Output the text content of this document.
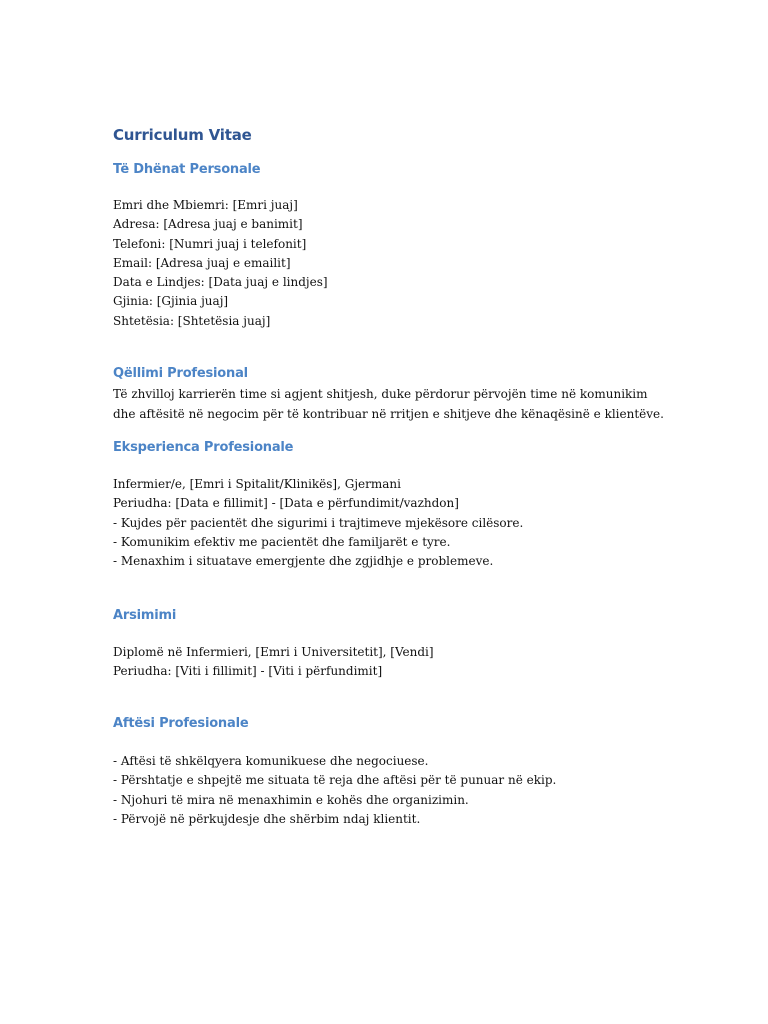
Curriculum Vitae
Të Dhënat Personale

Emri dhe Mbiemri: [Emri juaj]

Adresa: [Adresa juaj e banimit]

Telefoni: [Numri juaj i telefonit]

Email: [Adresa juaj e emailit]

Data e Lindjes: [Data juaj e lindjes]

Gjinia: [Gjinia juaj]

Shtetësia: [Shtetësia juaj]

Qëllimi Profesional

Të zhvilloj karrierën time si agjent shitjesh, duke përdorur përvojën time në komunikim

dhe aftësitë në negocim për të kontribuar në rritjen e shitjeve dhe kënaqësinë e klientëve.

Eksperienca Profesionale

Infermier/e, [Emri i Spitalit/Klinikës], Gjermani

Periudha: [Data e fillimit] - [Data e përfundimit/vazhdon]

- Kujdes për pacientët dhe sigurimi i trajtimeve mjekësore cilësore.

- Komunikim efektiv me pacientët dhe familjarët e tyre.

- Menaxhim i situatave emergjente dhe zgjidhje e problemeve.

Arsimimi

Diplomë në Infermieri, [Emri i Universitetit], [Vendi]

Periudha: [Viti i fillimit] - [Viti i përfundimit]

Aftësi Profesionale

- Aftësi të shkëlqyera komunikuese dhe negociuese.

- Përshtatje e shpejtë me situata të reja dhe aftësi për të punuar në ekip.

- Njohuri të mira në menaxhimin e kohës dhe organizimin.

- Përvojë në përkujdesje dhe shërbim ndaj klientit.
